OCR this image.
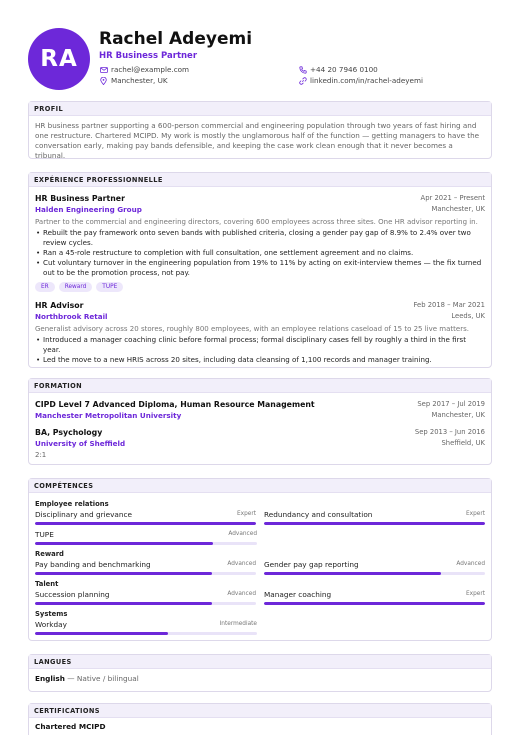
RA
Rachel Adeyemi
HR Business Partner
rachel@example.com
Manchester, UK
+44 20 7946 0100
linkedin.com/in/rachel-adeyemi
PROFIL
HR business partner supporting a 600-person commercial and engineering population through two years of fast hiring and one restructure. Chartered MCIPD. My work is mostly the unglamorous half of the function — getting managers to have the conversation early, making pay bands defensible, and keeping the case work clean enough that it never becomes a tribunal.
EXPÉRIENCE PROFESSIONNELLE
HR Business Partner	Apr 2021 – Present
Halden Engineering Group	Manchester, UK
Partner to the commercial and engineering directors, covering 600 employees across three sites. One HR advisor reporting in.
• Rebuilt the pay framework onto seven bands with published criteria, closing a gender pay gap of 8.9% to 2.4% over two review cycles.
• Ran a 45-role restructure to completion with full consultation, one settlement agreement and no claims.
• Cut voluntary turnover in the engineering population from 19% to 11% by acting on exit-interview themes — the fix turned out to be the promotion process, not pay.
ER	Reward	TUPE
HR Advisor	Feb 2018 – Mar 2021
Northbrook Retail	Leeds, UK
Generalist advisory across 20 stores, roughly 800 employees, with an employee relations caseload of 15 to 25 live matters.
• Introduced a manager coaching clinic before formal process; formal disciplinary cases fell by roughly a third in the first year.
• Led the move to a new HRIS across 20 sites, including data cleansing of 1,100 records and manager training.
FORMATION
CIPD Level 7 Advanced Diploma, Human Resource Management	Sep 2017 – Jul 2019
Manchester Metropolitan University	Manchester, UK
BA, Psychology	Sep 2013 – Jun 2016
University of Sheffield	Sheffield, UK
2:1
COMPÉTENCES
Employee relations
Disciplinary and grievance	Expert Redundancy and consultation	Expert
TUPE	Advanced
Reward
Pay banding and benchmarking	Advanced Gender pay gap reporting	Advanced
Talent
Succession planning	Advanced Manager coaching	Expert
Systems
Workday	Intermediate
LANGUES
English — Native / bilingual
CERTIFICATIONS
Chartered MCIPD
